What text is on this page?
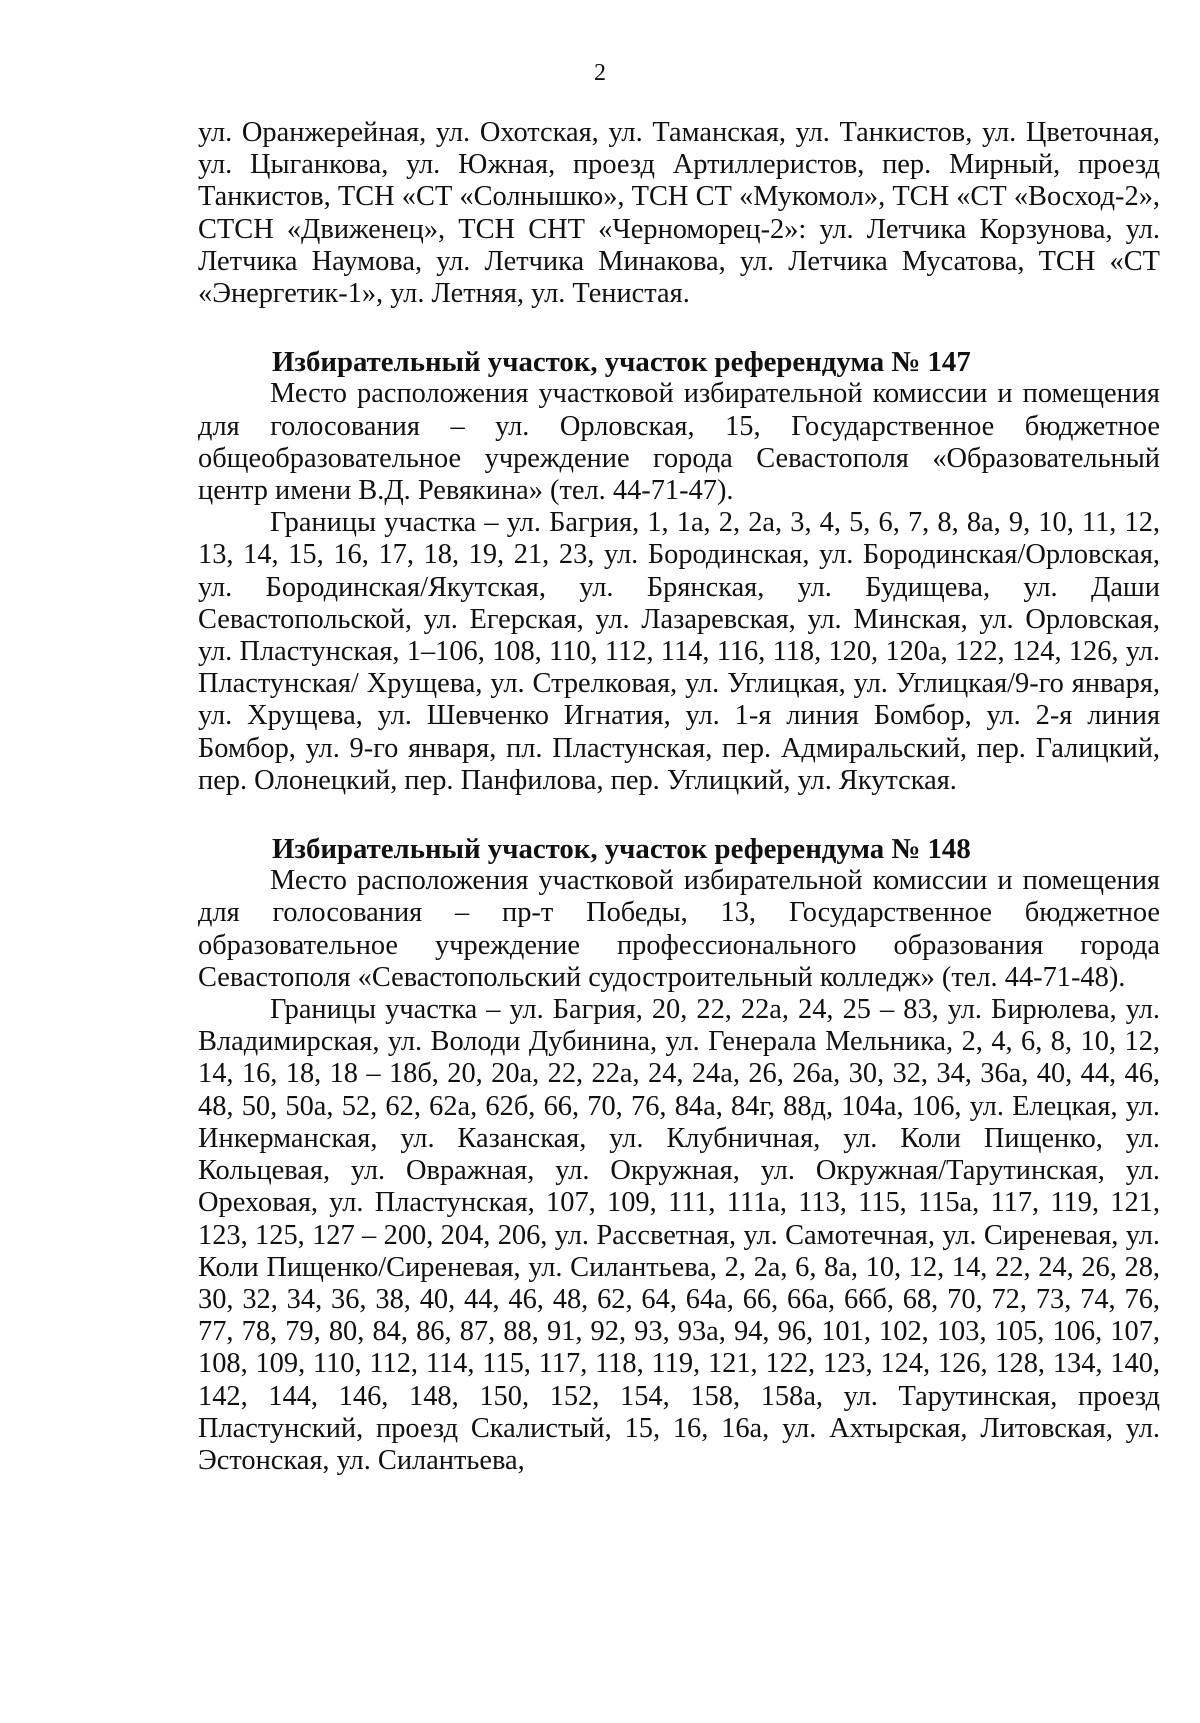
2

ул. Оранжерейная, ул. Охотская, ул. Таманская, ул. Танкистов, ул. Цветочная, ул. Цыганкова, ул. Южная, проезд Артиллеристов, пер. Мирный, проезд Танкистов, ТСН «СТ «Солнышко», ТСН СТ «Мукомол», ТСН «СТ «Восход-2», СТСН «Движенец», ТСН СНТ «Черноморец-2»: ул. Летчика Корзунова, ул. Летчика Наумова, ул. Летчика Минакова, ул. Летчика Мусатова, ТСН «СТ «Энергетик-1», ул. Летняя, ул. Тенистая.

Избирательный участок, участок референдума № 147

Место расположения участковой избирательной комиссии и помещения для голосования – ул. Орловская, 15, Государственное бюджетное общеобразовательное учреждение города Севастополя «Образовательный центр имени В.Д. Ревякина» (тел. 44-71-47).

Границы участка – ул. Багрия, 1, 1а, 2, 2а, 3, 4, 5, 6, 7, 8, 8а, 9, 10, 11, 12, 13, 14, 15, 16, 17, 18, 19, 21, 23, ул. Бородинская, ул. Бородинская/Орловская, ул. Бородинская/Якутская, ул. Брянская, ул. Будищева, ул. Даши Севастопольской, ул. Егерская, ул. Лазаревская, ул. Минская, ул. Орловская, ул. Пластунская, 1–106, 108, 110, 112, 114, 116, 118, 120, 120а, 122, 124, 126, ул. Пластунская/ Хрущева, ул. Стрелковая, ул. Углицкая, ул. Углицкая/9-го января, ул. Хрущева, ул. Шевченко Игнатия, ул. 1-я линия Бомбор, ул. 2-я линия Бомбор, ул. 9-го января, пл. Пластунская, пер. Адмиральский, пер. Галицкий, пер. Олонецкий, пер. Панфилова, пер. Углицкий, ул. Якутская.

Избирательный участок, участок референдума № 148

Место расположения участковой избирательной комиссии и помещения для голосования – пр-т Победы, 13, Государственное бюджетное образовательное учреждение профессионального образования города Севастополя «Севастопольский судостроительный колледж» (тел. 44-71-48).

Границы участка – ул. Багрия, 20, 22, 22а, 24, 25 – 83, ул. Бирюлева, ул. Владимирская, ул. Володи Дубинина, ул. Генерала Мельника, 2, 4, 6, 8, 10, 12, 14, 16, 18, 18 – 18б, 20, 20а, 22, 22а, 24, 24а, 26, 26а, 30, 32, 34, 36а, 40, 44, 46, 48, 50, 50а, 52, 62, 62а, 62б, 66, 70, 76, 84а, 84г, 88д, 104а, 106, ул. Елецкая, ул. Инкерманская, ул. Казанская, ул. Клубничная, ул. Коли Пищенко, ул. Кольцевая, ул. Овражная, ул. Окружная, ул. Окружная/Тарутинская, ул. Ореховая, ул. Пластунская, 107, 109, 111, 111а, 113, 115, 115а, 117, 119, 121, 123, 125, 127 – 200, 204, 206, ул. Рассветная, ул. Самотечная, ул. Сиреневая, ул. Коли Пищенко/Сиреневая, ул. Силантьева, 2, 2а, 6, 8а, 10, 12, 14, 22, 24, 26, 28, 30, 32, 34, 36, 38, 40, 44, 46, 48, 62, 64, 64а, 66, 66а, 66б, 68, 70, 72, 73, 74, 76, 77, 78, 79, 80, 84, 86, 87, 88, 91, 92, 93, 93а, 94, 96, 101, 102, 103, 105, 106, 107, 108, 109, 110, 112, 114, 115, 117, 118, 119, 121, 122, 123, 124, 126, 128, 134, 140, 142, 144, 146, 148, 150, 152, 154, 158, 158а, ул. Тарутинская, проезд Пластунский, проезд Скалистый, 15, 16, 16а, ул. Ахтырская, Литовская, ул. Эстонская, ул. Силантьева,
